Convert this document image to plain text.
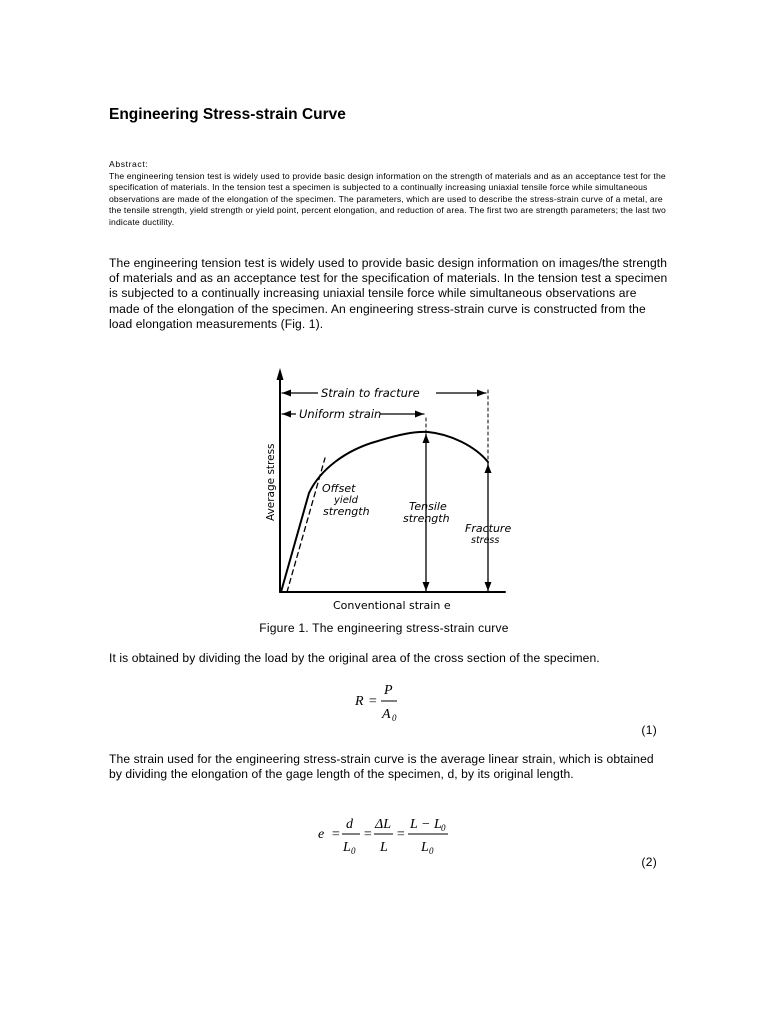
Engineering Stress-strain Curve
Abstract:
The engineering tension test is widely used to provide basic design information on the strength of materials and as an acceptance test for the specification of materials. In the tension test a specimen is subjected to a continually increasing uniaxial tensile force while simultaneous observations are made of the elongation of the specimen. The parameters, which are used to describe the stress-strain curve of a metal, are the tensile strength, yield strength or yield point, percent elongation, and reduction of area. The first two are strength parameters; the last two indicate ductility.
The engineering tension test is widely used to provide basic design information on images/the strength of materials and as an acceptance test for the specification of materials. In the tension test a specimen is subjected to a continually increasing uniaxial tensile force while simultaneous observations are made of the elongation of the specimen. An engineering stress-strain curve is constructed from the load elongation measurements (Fig. 1).
Strain to fracture
Uniform strain
Average stress
Conventional strain e
Offset
yield
strength	Tensile
strength
Fracture
stress
Figure 1. The engineering stress-strain curve
It is obtained by dividing the load by the original area of the cross section of the specimen.
R =
P
A 0
e =
d
L 0
=
ΔL
L
=
L − L 0
L 0
(1)
The strain used for the engineering stress-strain curve is the average linear strain, which is obtained by dividing the elongation of the gage length of the specimen, d, by its original length.
(2)
